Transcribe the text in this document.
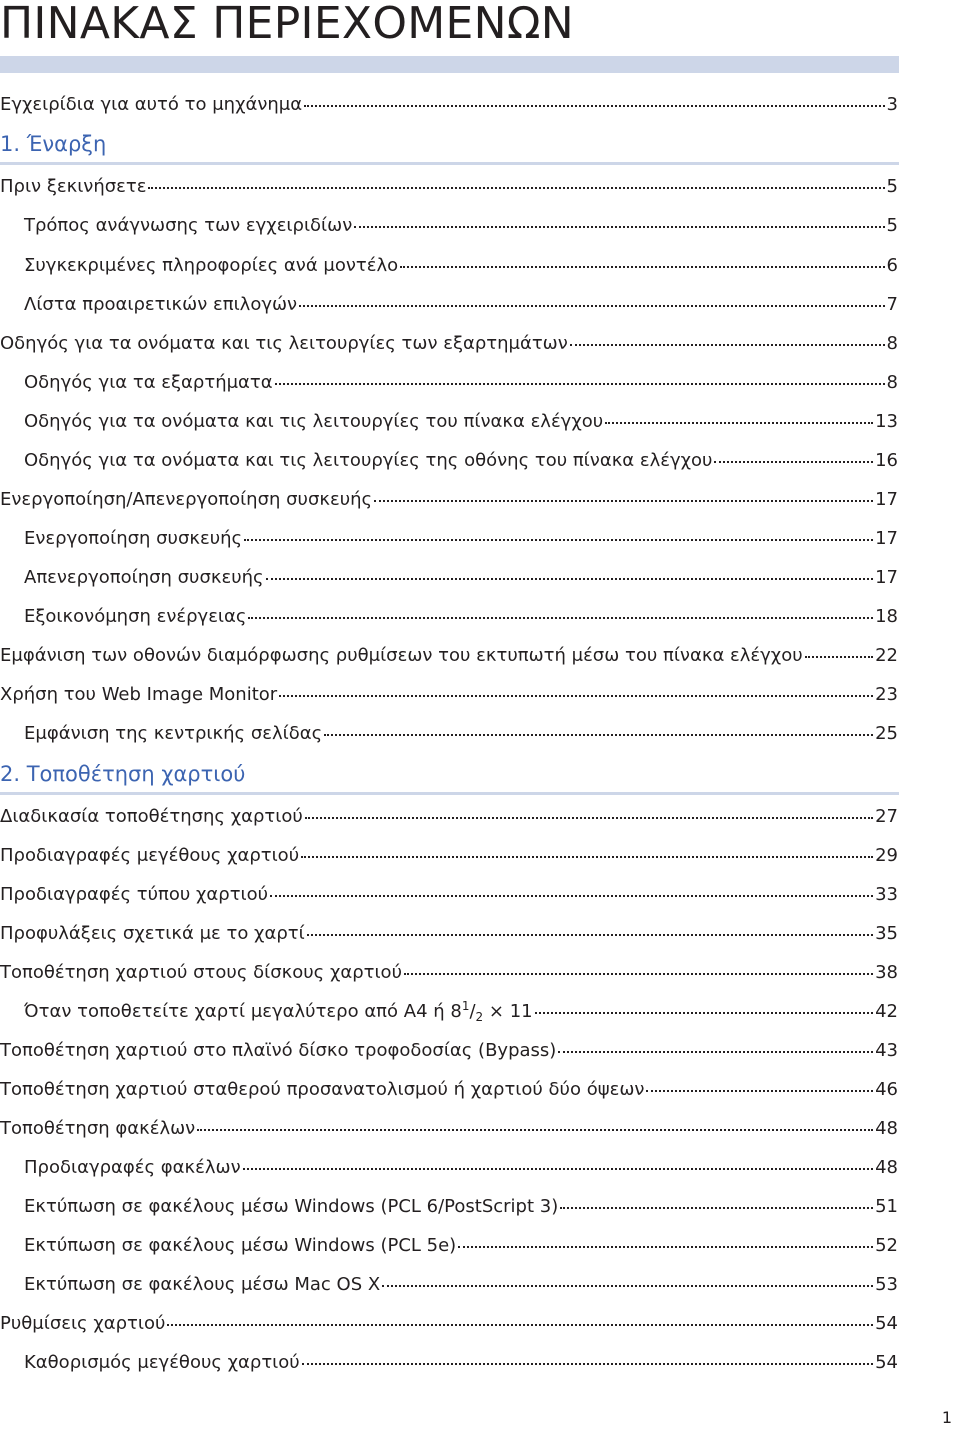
ΠΙΝΑΚΑΣ ΠΕΡΙΕΧΟΜΕΝΩΝ
Εγχειρίδια για αυτό το μηχάνημα	3
1. Έναρξη
Πριν ξεκινήσετε	5
Τρόπος ανάγνωσης των εγχειριδίων	5
Συγκεκριμένες πληροφορίες ανά μοντέλο	6
Λίστα προαιρετικών επιλογών	7
Οδηγός για τα ονόματα και τις λειτουργίες των εξαρτημάτων	8
Οδηγός για τα εξαρτήματα	8
Οδηγός για τα ονόματα και τις λειτουργίες του πίνακα ελέγχου	13
Οδηγός για τα ονόματα και τις λειτουργίες της οθόνης του πίνακα ελέγχου	16
Ενεργοποίηση/Απενεργοποίηση συσκευής	17
Ενεργοποίηση συσκευής	17
Απενεργοποίηση συσκευής	17
Εξοικονόμηση ενέργειας	18
Εμφάνιση των οθονών διαμόρφωσης ρυθμίσεων του εκτυπωτή μέσω του πίνακα ελέγχου	22
Χρήση του Web Image Monitor	23
Εμφάνιση της κεντρικής σελίδας	25
2. Τοποθέτηση χαρτιού
Διαδικασία τοποθέτησης χαρτιού	27
Προδιαγραφές μεγέθους χαρτιού	29
Προδιαγραφές τύπου χαρτιού	33
Προφυλάξεις σχετικά με το χαρτί	35
Τοποθέτηση χαρτιού στους δίσκους χαρτιού	38
Όταν τοποθετείτε χαρτί μεγαλύτερο από A4 ή $8^1/_2 \times 11$	42
Τοποθέτηση χαρτιού στο πλαϊνό δίσκο τροφοδοσίας (Bypass)	43
Τοποθέτηση χαρτιού σταθερού προσανατολισμού ή χαρτιού δύο όψεων	46
Τοποθέτηση φακέλων	48
Προδιαγραφές φακέλων	48
Εκτύπωση σε φακέλους μέσω Windows (PCL 6/PostScript 3)	51
Εκτύπωση σε φακέλους μέσω Windows (PCL 5e)	52
Εκτύπωση σε φακέλους μέσω Mac OS X	53
Ρυθμίσεις χαρτιού	54
Καθορισμός μεγέθους χαρτιού	54
1
